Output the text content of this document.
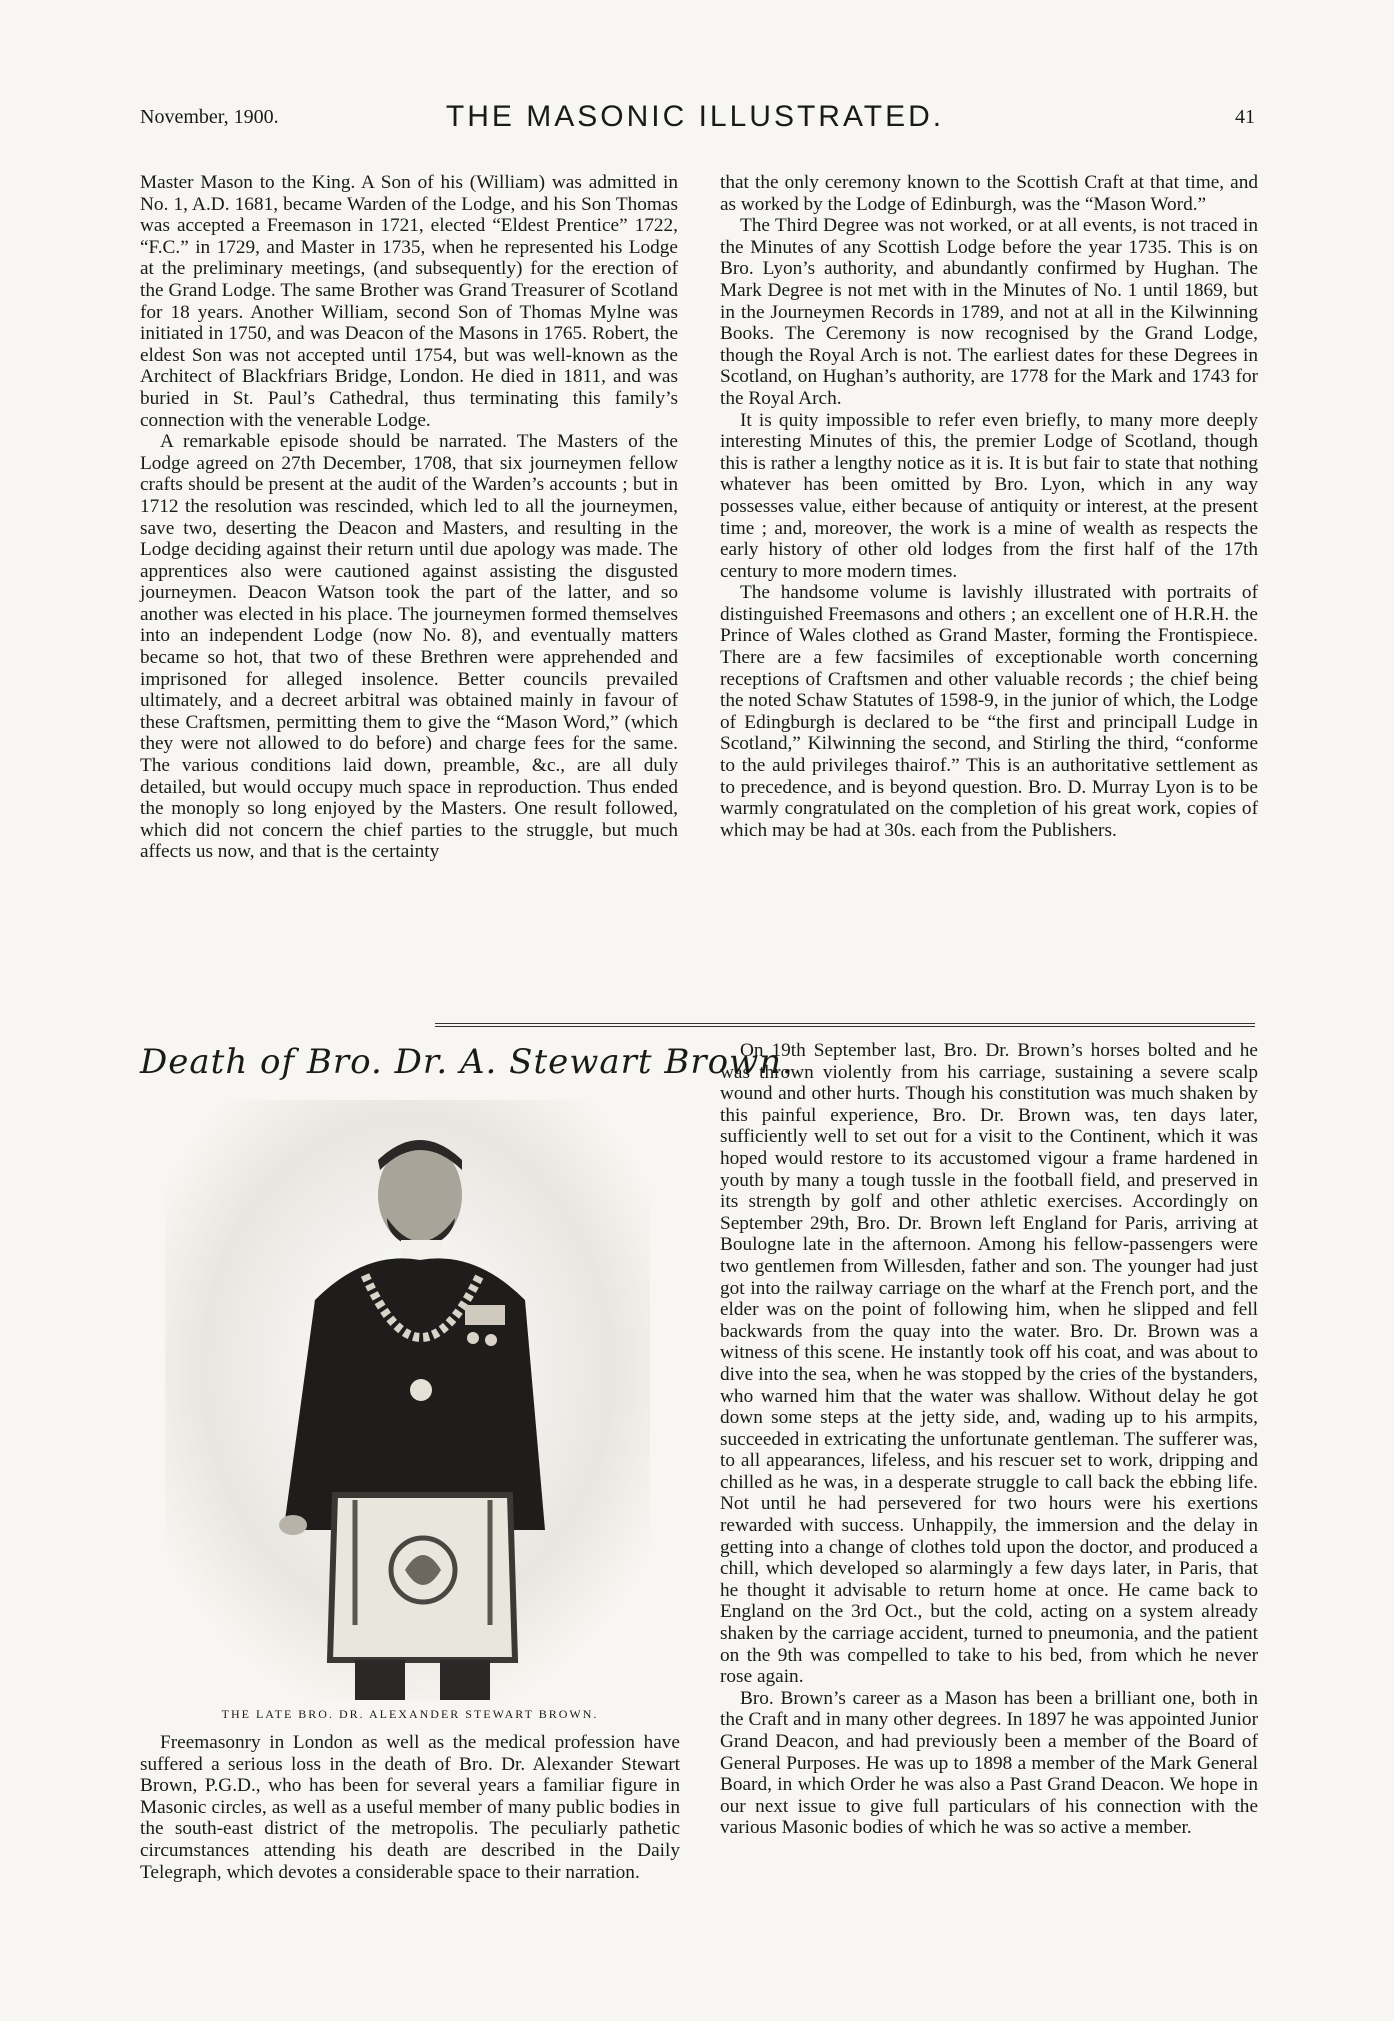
November, 1900.	THE MASONIC ILLUSTRATED.	41

Master Mason to the King. A Son of his (William) was admitted in No. 1, A.D. 1681, became Warden of the Lodge, and his Son Thomas was accepted a Freemason in 1721, elected “Eldest Prentice” 1722, “F.C.” in 1729, and Master in 1735, when he represented his Lodge at the preliminary meetings, (and subsequently) for the erection of the Grand Lodge. The same Brother was Grand Treasurer of Scotland for 18 years. Another William, second Son of Thomas Mylne was initiated in 1750, and was Deacon of the Masons in 1765. Robert, the eldest Son was not accepted until 1754, but was well-known as the Architect of Blackfriars Bridge, London. He died in 1811, and was buried in St. Paul’s Cathedral, thus terminating this family’s connection with the venerable Lodge.

A remarkable episode should be narrated. The Masters of the Lodge agreed on 27th December, 1708, that six journeymen fellow crafts should be present at the audit of the Warden’s accounts ; but in 1712 the resolution was rescinded, which led to all the journeymen, save two, deserting the Deacon and Masters, and resulting in the Lodge deciding against their return until due apology was made. The apprentices also were cautioned against assisting the disgusted journeymen. Deacon Watson took the part of the latter, and so another was elected in his place. The journeymen formed themselves into an independent Lodge (now No. 8), and eventually matters became so hot, that two of these Brethren were apprehended and imprisoned for alleged insolence. Better councils prevailed ultimately, and a decreet arbitral was obtained mainly in favour of these Craftsmen, permitting them to give the “Mason Word,” (which they were not allowed to do before) and charge fees for the same. The various conditions laid down, preamble, &c., are all duly detailed, but would occupy much space in reproduction. Thus ended the monoply so long enjoyed by the Masters. One result followed, which did not concern the chief parties to the struggle, but much affects us now, and that is the certainty

that the only ceremony known to the Scottish Craft at that time, and as worked by the Lodge of Edinburgh, was the “Mason Word.”

The Third Degree was not worked, or at all events, is not traced in the Minutes of any Scottish Lodge before the year 1735. This is on Bro. Lyon’s authority, and abundantly confirmed by Hughan. The Mark Degree is not met with in the Minutes of No. 1 until 1869, but in the Journeymen Records in 1789, and not at all in the Kilwinning Books. The Ceremony is now recognised by the Grand Lodge, though the Royal Arch is not. The earliest dates for these Degrees in Scotland, on Hughan’s authority, are 1778 for the Mark and 1743 for the Royal Arch.

It is quity impossible to refer even briefly, to many more deeply interesting Minutes of this, the premier Lodge of Scotland, though this is rather a lengthy notice as it is. It is but fair to state that nothing whatever has been omitted by Bro. Lyon, which in any way possesses value, either because of antiquity or interest, at the present time ; and, moreover, the work is a mine of wealth as respects the early history of other old lodges from the first half of the 17th century to more modern times.

The handsome volume is lavishly illustrated with portraits of distinguished Freemasons and others ; an excellent one of H.R.H. the Prince of Wales clothed as Grand Master, forming the Frontispiece. There are a few facsimiles of exceptionable worth concerning receptions of Craftsmen and other valuable records ; the chief being the noted Schaw Statutes of 1598-9, in the junior of which, the Lodge of Edingburgh is declared to be “the first and principall Ludge in Scotland,” Kilwinning the second, and Stirling the third, “conforme to the auld privileges thairof.” This is an authoritative settlement as to precedence, and is beyond question. Bro. D. Murray Lyon is to be warmly congratulated on the completion of his great work, copies of which may be had at 30s. each from the Publishers.

Death of Bro. Dr. A. Stewart Brown.
THE LATE BRO. DR. ALEXANDER STEWART BROWN.

Freemasonry in London as well as the medical profession have suffered a serious loss in the death of Bro. Dr. Alexander Stewart Brown, P.G.D., who has been for several years a familiar figure in Masonic circles, as well as a useful member of many public bodies in the south-east district of the metropolis. The peculiarly pathetic circumstances attending his death are described in the Daily Telegraph, which devotes a considerable space to their narration.

On 19th September last, Bro. Dr. Brown’s horses bolted and he was thrown violently from his carriage, sustaining a severe scalp wound and other hurts. Though his constitution was much shaken by this painful experience, Bro. Dr. Brown was, ten days later, sufficiently well to set out for a visit to the Continent, which it was hoped would restore to its accustomed vigour a frame hardened in youth by many a tough tussle in the football field, and preserved in its strength by golf and other athletic exercises. Accordingly on September 29th, Bro. Dr. Brown left England for Paris, arriving at Boulogne late in the afternoon. Among his fellow-passengers were two gentlemen from Willesden, father and son. The younger had just got into the railway carriage on the wharf at the French port, and the elder was on the point of following him, when he slipped and fell backwards from the quay into the water. Bro. Dr. Brown was a witness of this scene. He instantly took off his coat, and was about to dive into the sea, when he was stopped by the cries of the bystanders, who warned him that the water was shallow. Without delay he got down some steps at the jetty side, and, wading up to his armpits, succeeded in extricating the unfortunate gentleman. The sufferer was, to all appearances, lifeless, and his rescuer set to work, dripping and chilled as he was, in a desperate struggle to call back the ebbing life. Not until he had persevered for two hours were his exertions rewarded with success. Unhappily, the immersion and the delay in getting into a change of clothes told upon the doctor, and produced a chill, which developed so alarmingly a few days later, in Paris, that he thought it advisable to return home at once. He came back to England on the 3rd Oct., but the cold, acting on a system already shaken by the carriage accident, turned to pneumonia, and the patient on the 9th was compelled to take to his bed, from which he never rose again.

Bro. Brown’s career as a Mason has been a brilliant one, both in the Craft and in many other degrees. In 1897 he was appointed Junior Grand Deacon, and had previously been a member of the Board of General Purposes. He was up to 1898 a member of the Mark General Board, in which Order he was also a Past Grand Deacon. We hope in our next issue to give full particulars of his connection with the various Masonic bodies of which he was so active a member.
